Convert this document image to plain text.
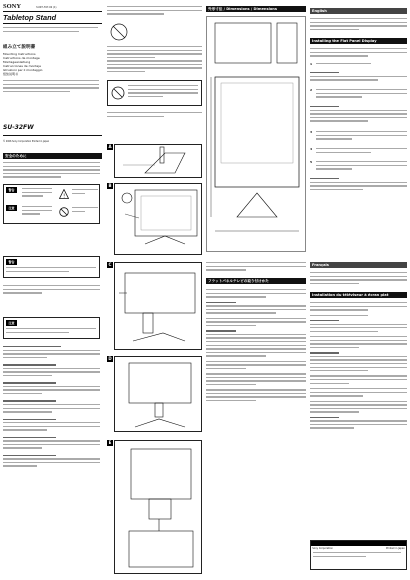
SONY	3-097-767-02 (1)
Tabletop Stand
組み立て説明書
Mounting Instructions
Instructions de montage
Montageanleitung
Instrucciones de montaje
Istruzioni per il montaggio
组装说明书
SU-32FW
© 2006 Sony Corporation Printed in Japan
安全のために
警告
注意
!
警告
注意
A
B
C
D
E
外形寸法 / Dimensions / Dimensions	English
Installing the Flat Panel Display
1
2
3
4
5
フラットパネルテレビの取り付けかた
Français
Installation du téléviseur à écran plat
Sony Corporation	Printed in Japan
